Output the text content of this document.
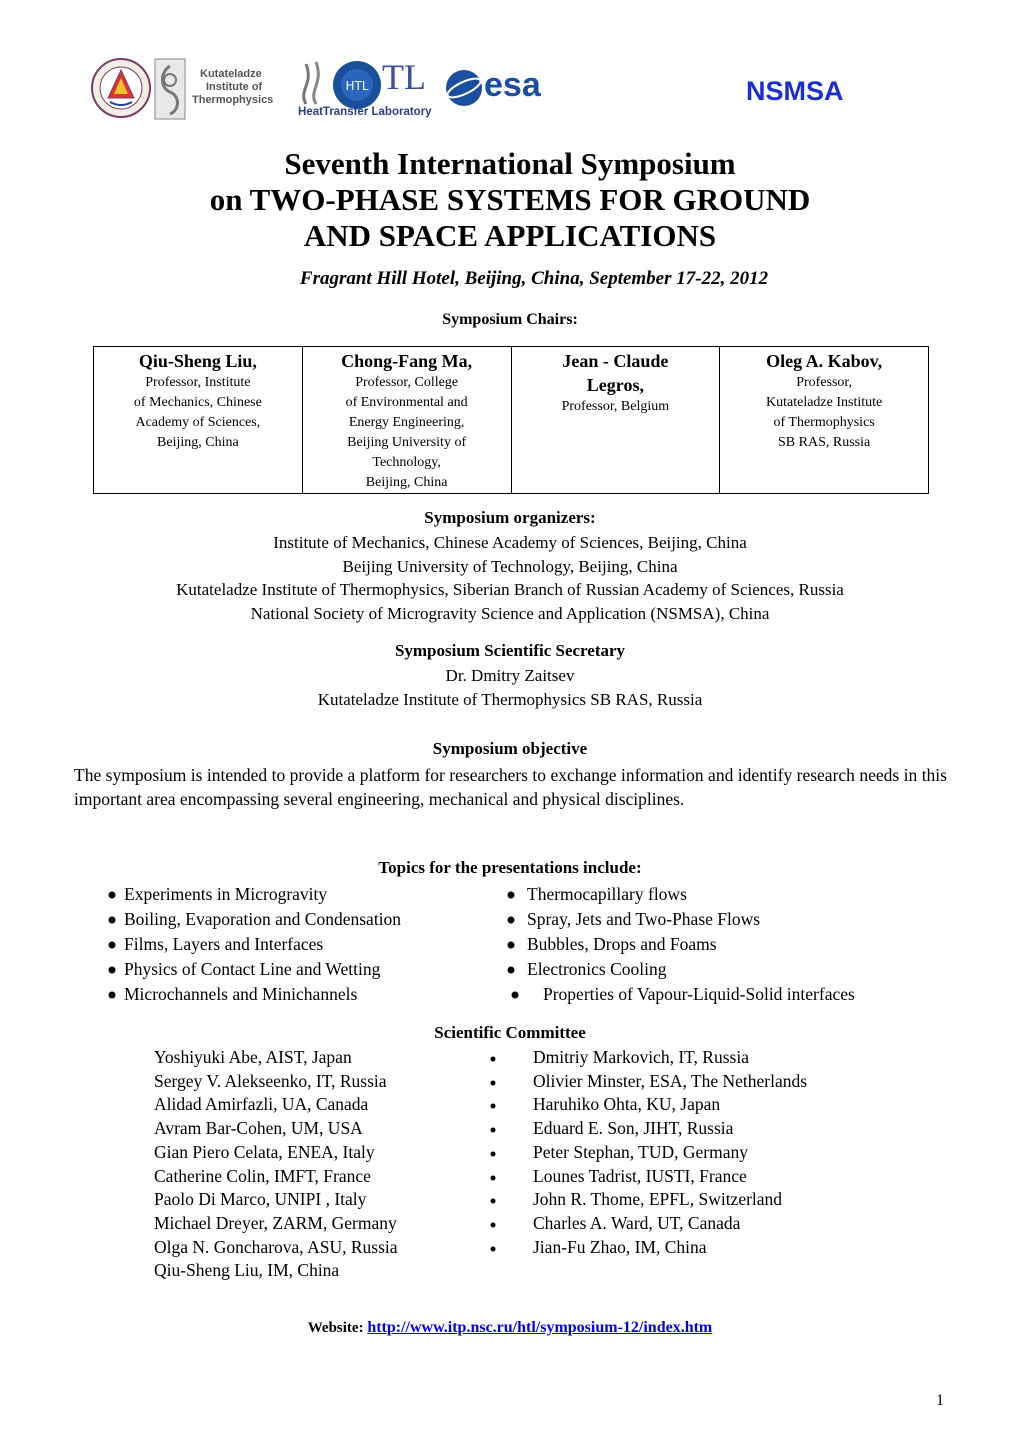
Kutateladze
Institute of
Thermophysics
HTL TL
HeatTransfer Laboratory
esa	NSMSA
Seventh International Symposium
on TWO-PHASE SYSTEMS FOR GROUND
AND SPACE APPLICATIONS
Fragrant Hill Hotel, Beijing, China, September 17-22, 2012
Symposium Chairs:
Qiu-Sheng Liu,
Professor, Institute
of Mechanics, Chinese
Academy of Sciences,
Beijing, China

Chong-Fang Ma,
Professor, College
of Environmental and
Energy Engineering,
Beijing University of
Technology,
Beijing, China

Jean - Claude
Legros,
Professor, Belgium

Oleg A. Kabov,
Professor,
Kutateladze Institute
of Thermophysics
SB RAS, Russia
Symposium organizers:
Institute of Mechanics, Chinese Academy of Sciences, Beijing, China
Beijing University of Technology, Beijing, China
Kutateladze Institute of Thermophysics, Siberian Branch of Russian Academy of Sciences, Russia
National Society of Microgravity Science and Application (NSMSA), China
Symposium Scientific Secretary
Dr. Dmitry Zaitsev
Kutateladze Institute of Thermophysics SB RAS, Russia
Symposium objective
The symposium is intended to provide a platform for researchers to exchange information and identify research needs in this important area encompassing several engineering, mechanical and physical disciplines.
Topics for the presentations include:
Experiments in Microgravity
Boiling, Evaporation and Condensation
Films, Layers and Interfaces
Physics of Contact Line and Wetting
Microchannels and Minichannels
Thermocapillary flows
Spray, Jets and Two-Phase Flows
Bubbles, Drops and Foams
Electronics Cooling
Properties of Vapour-Liquid-Solid interfaces
Scientific Committee
Yoshiyuki Abe, AIST, Japan
Sergey V. Alekseenko, IT, Russia
Alidad Amirfazli, UA, Canada
Avram Bar-Cohen, UM, USA
Gian Piero Celata, ENEA, Italy
Catherine Colin, IMFT, France
Paolo Di Marco, UNIPI , Italy
Michael Dreyer, ZARM, Germany
Olga N. Goncharova, ASU, Russia
Qiu-Sheng Liu, IM, China
Dmitriy Markovich, IT, Russia
Olivier Minster, ESA, The Netherlands
Haruhiko Ohta, KU, Japan
Eduard E. Son, JIHT, Russia
Peter Stephan, TUD, Germany
Lounes Tadrist, IUSTI, France
John R. Thome, EPFL, Switzerland
Charles A. Ward, UT, Canada
Jian-Fu Zhao, IM, China
Website: http://www.itp.nsc.ru/htl/symposium-12/index.htm
1
